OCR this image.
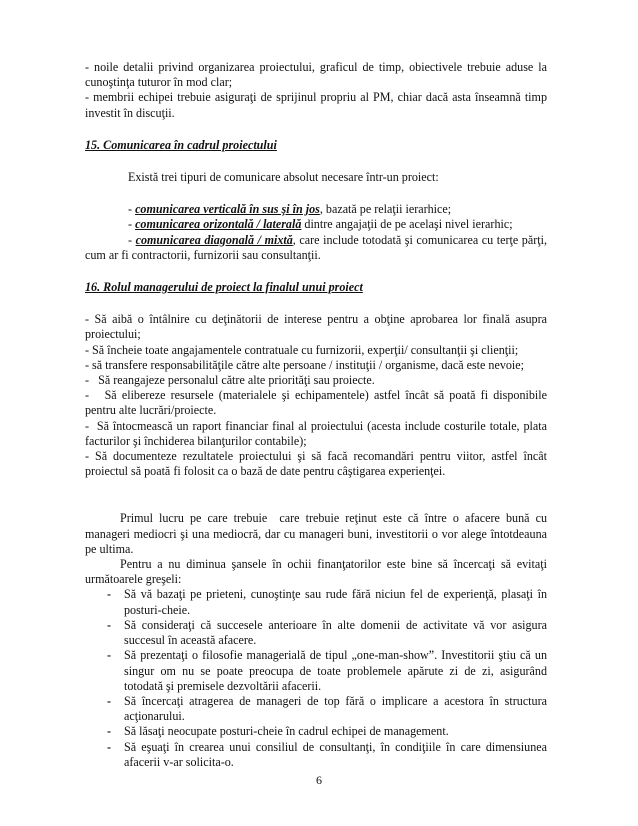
- noile detalii privind organizarea proiectului, graficul de timp, obiectivele trebuie aduse la cunoştinţa tuturor în mod clar;

- membrii echipei trebuie asiguraţi de sprijinul propriu al PM, chiar dacă asta înseamnă timp investit în discuţii.

15. Comunicarea în cadrul proiectului

Există trei tipuri de comunicare absolut necesare într-un proiect:

- comunicarea verticală în sus şi în jos, bazată pe relaţii ierarhice;

- comunicarea orizontală / laterală dintre angajaţii de pe acelaşi nivel ierarhic;

- comunicarea diagonală / mixtă, care include totodată şi comunicarea cu terţe părţi, cum ar fi contractorii, furnizorii sau consultanţii.

16. Rolul managerului de proiect la finalul unui proiect

- Să aibă o întâlnire cu deţinătorii de interese pentru a obţine aprobarea lor finală asupra proiectului;

- Să încheie toate angajamentele contratuale cu furnizorii, experţii/ consultanţii şi clienţii;

- să transfere responsabilităţile către alte persoane / instituţii / organisme, dacă este nevoie;

-   Să reangajeze personalul către alte priorităţi sau proiecte.

-   Să elibereze resursele (materialele şi echipamentele) astfel încât să poată fi disponibile pentru alte lucrări/proiecte.

-  Să întocmească un raport financiar final al proiectului (acesta include costurile totale, plata facturilor şi închiderea bilanţurilor contabile);

- Să documenteze rezultatele proiectului şi să facă recomandări pentru viitor, astfel încât proiectul să poată fi folosit ca o bază de date pentru câştigarea experienţei.

Primul lucru pe care trebuie  care trebuie reţinut este că între o afacere bună cu manageri mediocri şi una mediocră, dar cu manageri buni, investitorii o vor alege întotdeauna pe ultima.

Pentru a nu diminua şansele în ochii finanţatorilor este bine să încercaţi să evitaţi următoarele greşeli:

- Să vă bazaţi pe prieteni, cunoştinţe sau rude fără niciun fel de experienţă, plasaţi în posturi-cheie.
- Să consideraţi că succesele anterioare în alte domenii de activitate vă vor asigura succesul în această afacere.
- Să prezentaţi o filosofie managerială de tipul „one-man-show”. Investitorii ştiu că un singur om nu se poate preocupa de toate problemele apărute zi de zi, asigurând totodată şi premisele dezvoltării afacerii.
- Să încercaţi atragerea de manageri de top fără o implicare a acestora în structura acţionarului.
- Să lăsaţi neocupate posturi-cheie în cadrul echipei de management.
- Să eşuaţi în crearea unui consiliul de consultanţi, în condiţiile în care dimensiunea afacerii v-ar solicita-o.
6
